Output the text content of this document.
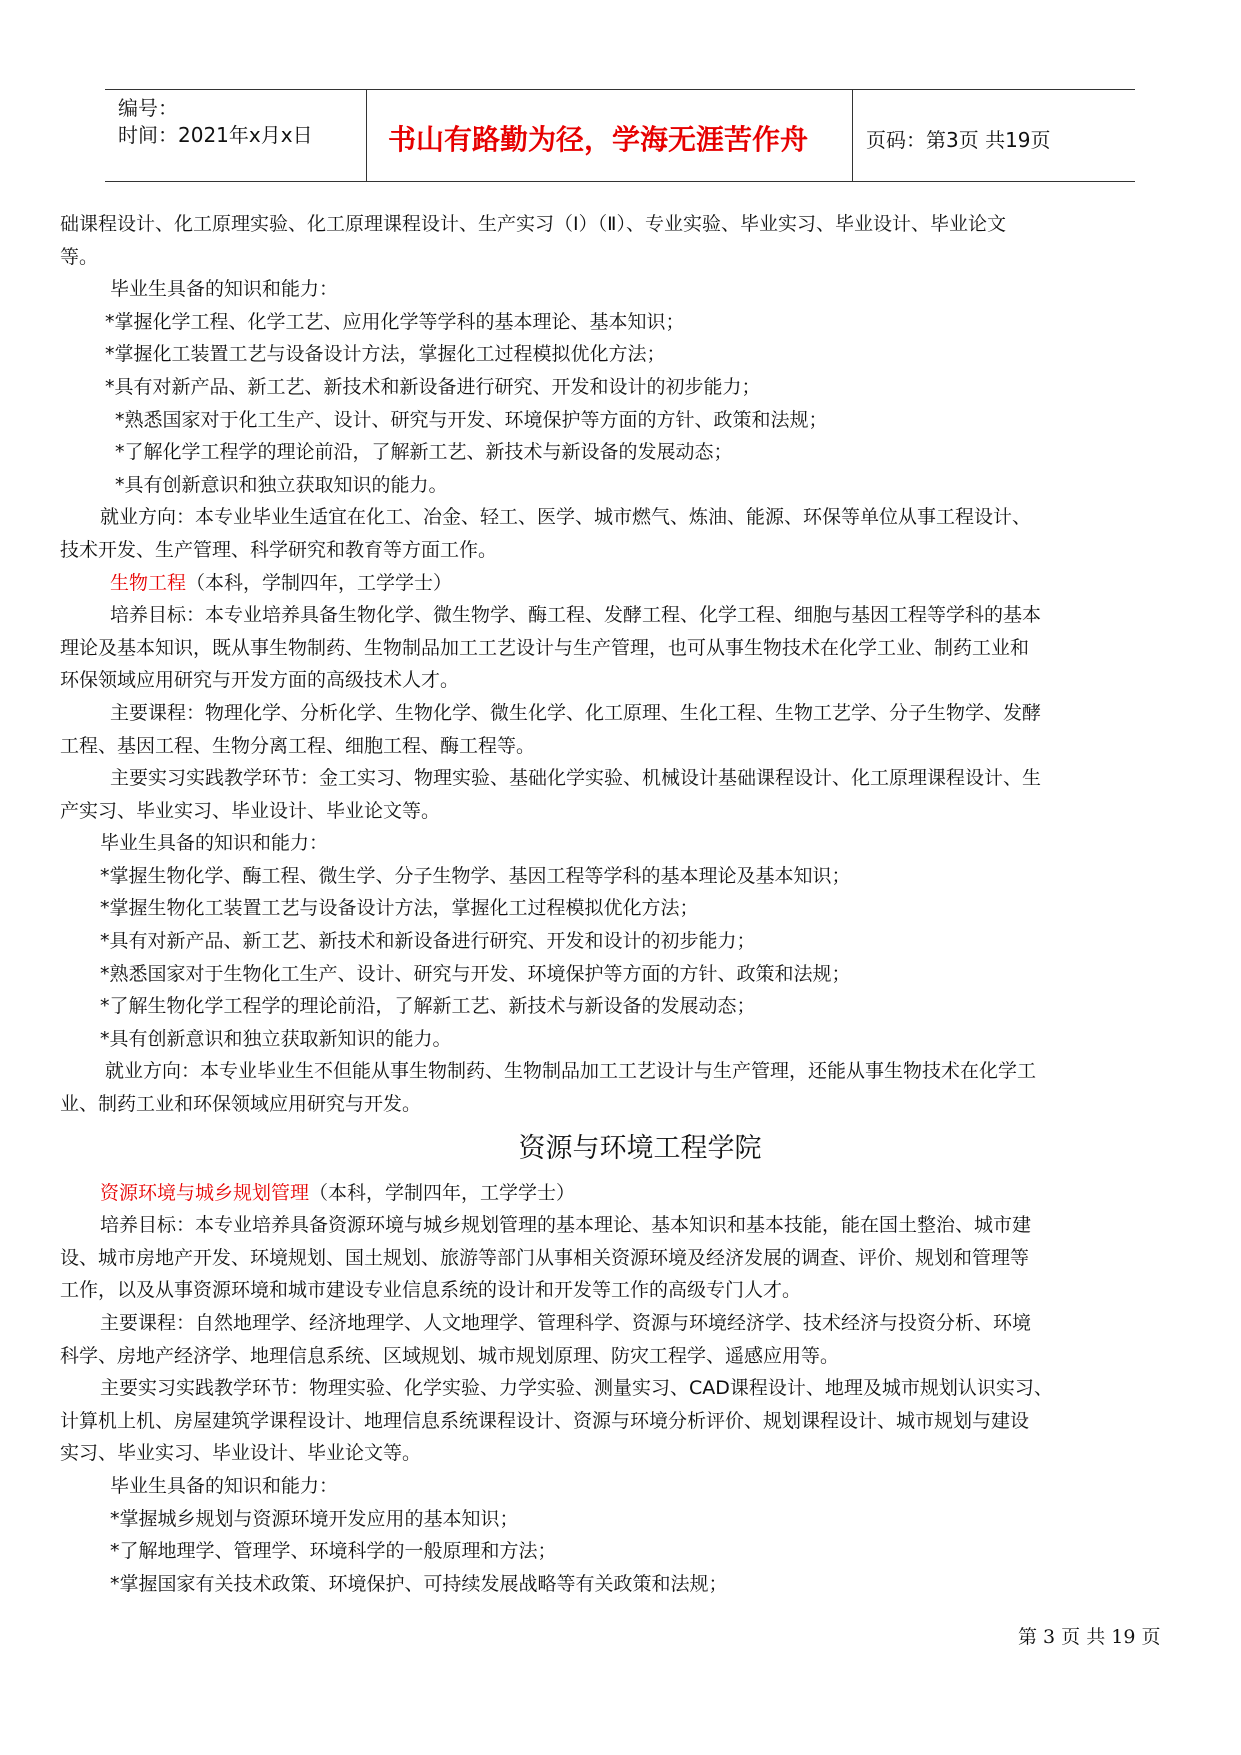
编号：
时间：2021年x月x日	书山有路勤为径，学海无涯苦作舟	页码：第3页 共19页

础课程设计、化工原理实验、化工原理课程设计、生产实习（Ⅰ）（Ⅱ）、专业实验、毕业实习、毕业设计、毕业论文

等。

毕业生具备的知识和能力：

*掌握化学工程、化学工艺、应用化学等学科的基本理论、基本知识；

*掌握化工装置工艺与设备设计方法，掌握化工过程模拟优化方法；

*具有对新产品、新工艺、新技术和新设备进行研究、开发和设计的初步能力；

*熟悉国家对于化工生产、设计、研究与开发、环境保护等方面的方针、政策和法规；

*了解化学工程学的理论前沿，了解新工艺、新技术与新设备的发展动态；

*具有创新意识和独立获取知识的能力。

就业方向：本专业毕业生适宜在化工、冶金、轻工、医学、城市燃气、炼油、能源、环保等单位从事工程设计、

技术开发、生产管理、科学研究和教育等方面工作。

生物工程（本科，学制四年，工学学士）

培养目标：本专业培养具备生物化学、微生物学、酶工程、发酵工程、化学工程、细胞与基因工程等学科的基本

理论及基本知识，既从事生物制药、生物制品加工工艺设计与生产管理，也可从事生物技术在化学工业、制药工业和

环保领域应用研究与开发方面的高级技术人才。

主要课程：物理化学、分析化学、生物化学、微生化学、化工原理、生化工程、生物工艺学、分子生物学、发酵

工程、基因工程、生物分离工程、细胞工程、酶工程等。

主要实习实践教学环节：金工实习、物理实验、基础化学实验、机械设计基础课程设计、化工原理课程设计、生

产实习、毕业实习、毕业设计、毕业论文等。

毕业生具备的知识和能力：

*掌握生物化学、酶工程、微生学、分子生物学、基因工程等学科的基本理论及基本知识；

*掌握生物化工装置工艺与设备设计方法，掌握化工过程模拟优化方法；

*具有对新产品、新工艺、新技术和新设备进行研究、开发和设计的初步能力；

*熟悉国家对于生物化工生产、设计、研究与开发、环境保护等方面的方针、政策和法规；

*了解生物化学工程学的理论前沿，了解新工艺、新技术与新设备的发展动态；

*具有创新意识和独立获取新知识的能力。

就业方向：本专业毕业生不但能从事生物制药、生物制品加工工艺设计与生产管理，还能从事生物技术在化学工

业、制药工业和环保领域应用研究与开发。

资源与环境工程学院

资源环境与城乡规划管理（本科，学制四年，工学学士）

培养目标：本专业培养具备资源环境与城乡规划管理的基本理论、基本知识和基本技能，能在国土整治、城市建

设、城市房地产开发、环境规划、国土规划、旅游等部门从事相关资源环境及经济发展的调查、评价、规划和管理等

工作，以及从事资源环境和城市建设专业信息系统的设计和开发等工作的高级专门人才。

主要课程：自然地理学、经济地理学、人文地理学、管理科学、资源与环境经济学、技术经济与投资分析、环境

科学、房地产经济学、地理信息系统、区域规划、城市规划原理、防灾工程学、遥感应用等。

主要实习实践教学环节：物理实验、化学实验、力学实验、测量实习、CAD课程设计、地理及城市规划认识实习、

计算机上机、房屋建筑学课程设计、地理信息系统课程设计、资源与环境分析评价、规划课程设计、城市规划与建设

实习、毕业实习、毕业设计、毕业论文等。

毕业生具备的知识和能力：

*掌握城乡规划与资源环境开发应用的基本知识；

*了解地理学、管理学、环境科学的一般原理和方法；

*掌握国家有关技术政策、环境保护、可持续发展战略等有关政策和法规；

第 3 页 共 19 页
